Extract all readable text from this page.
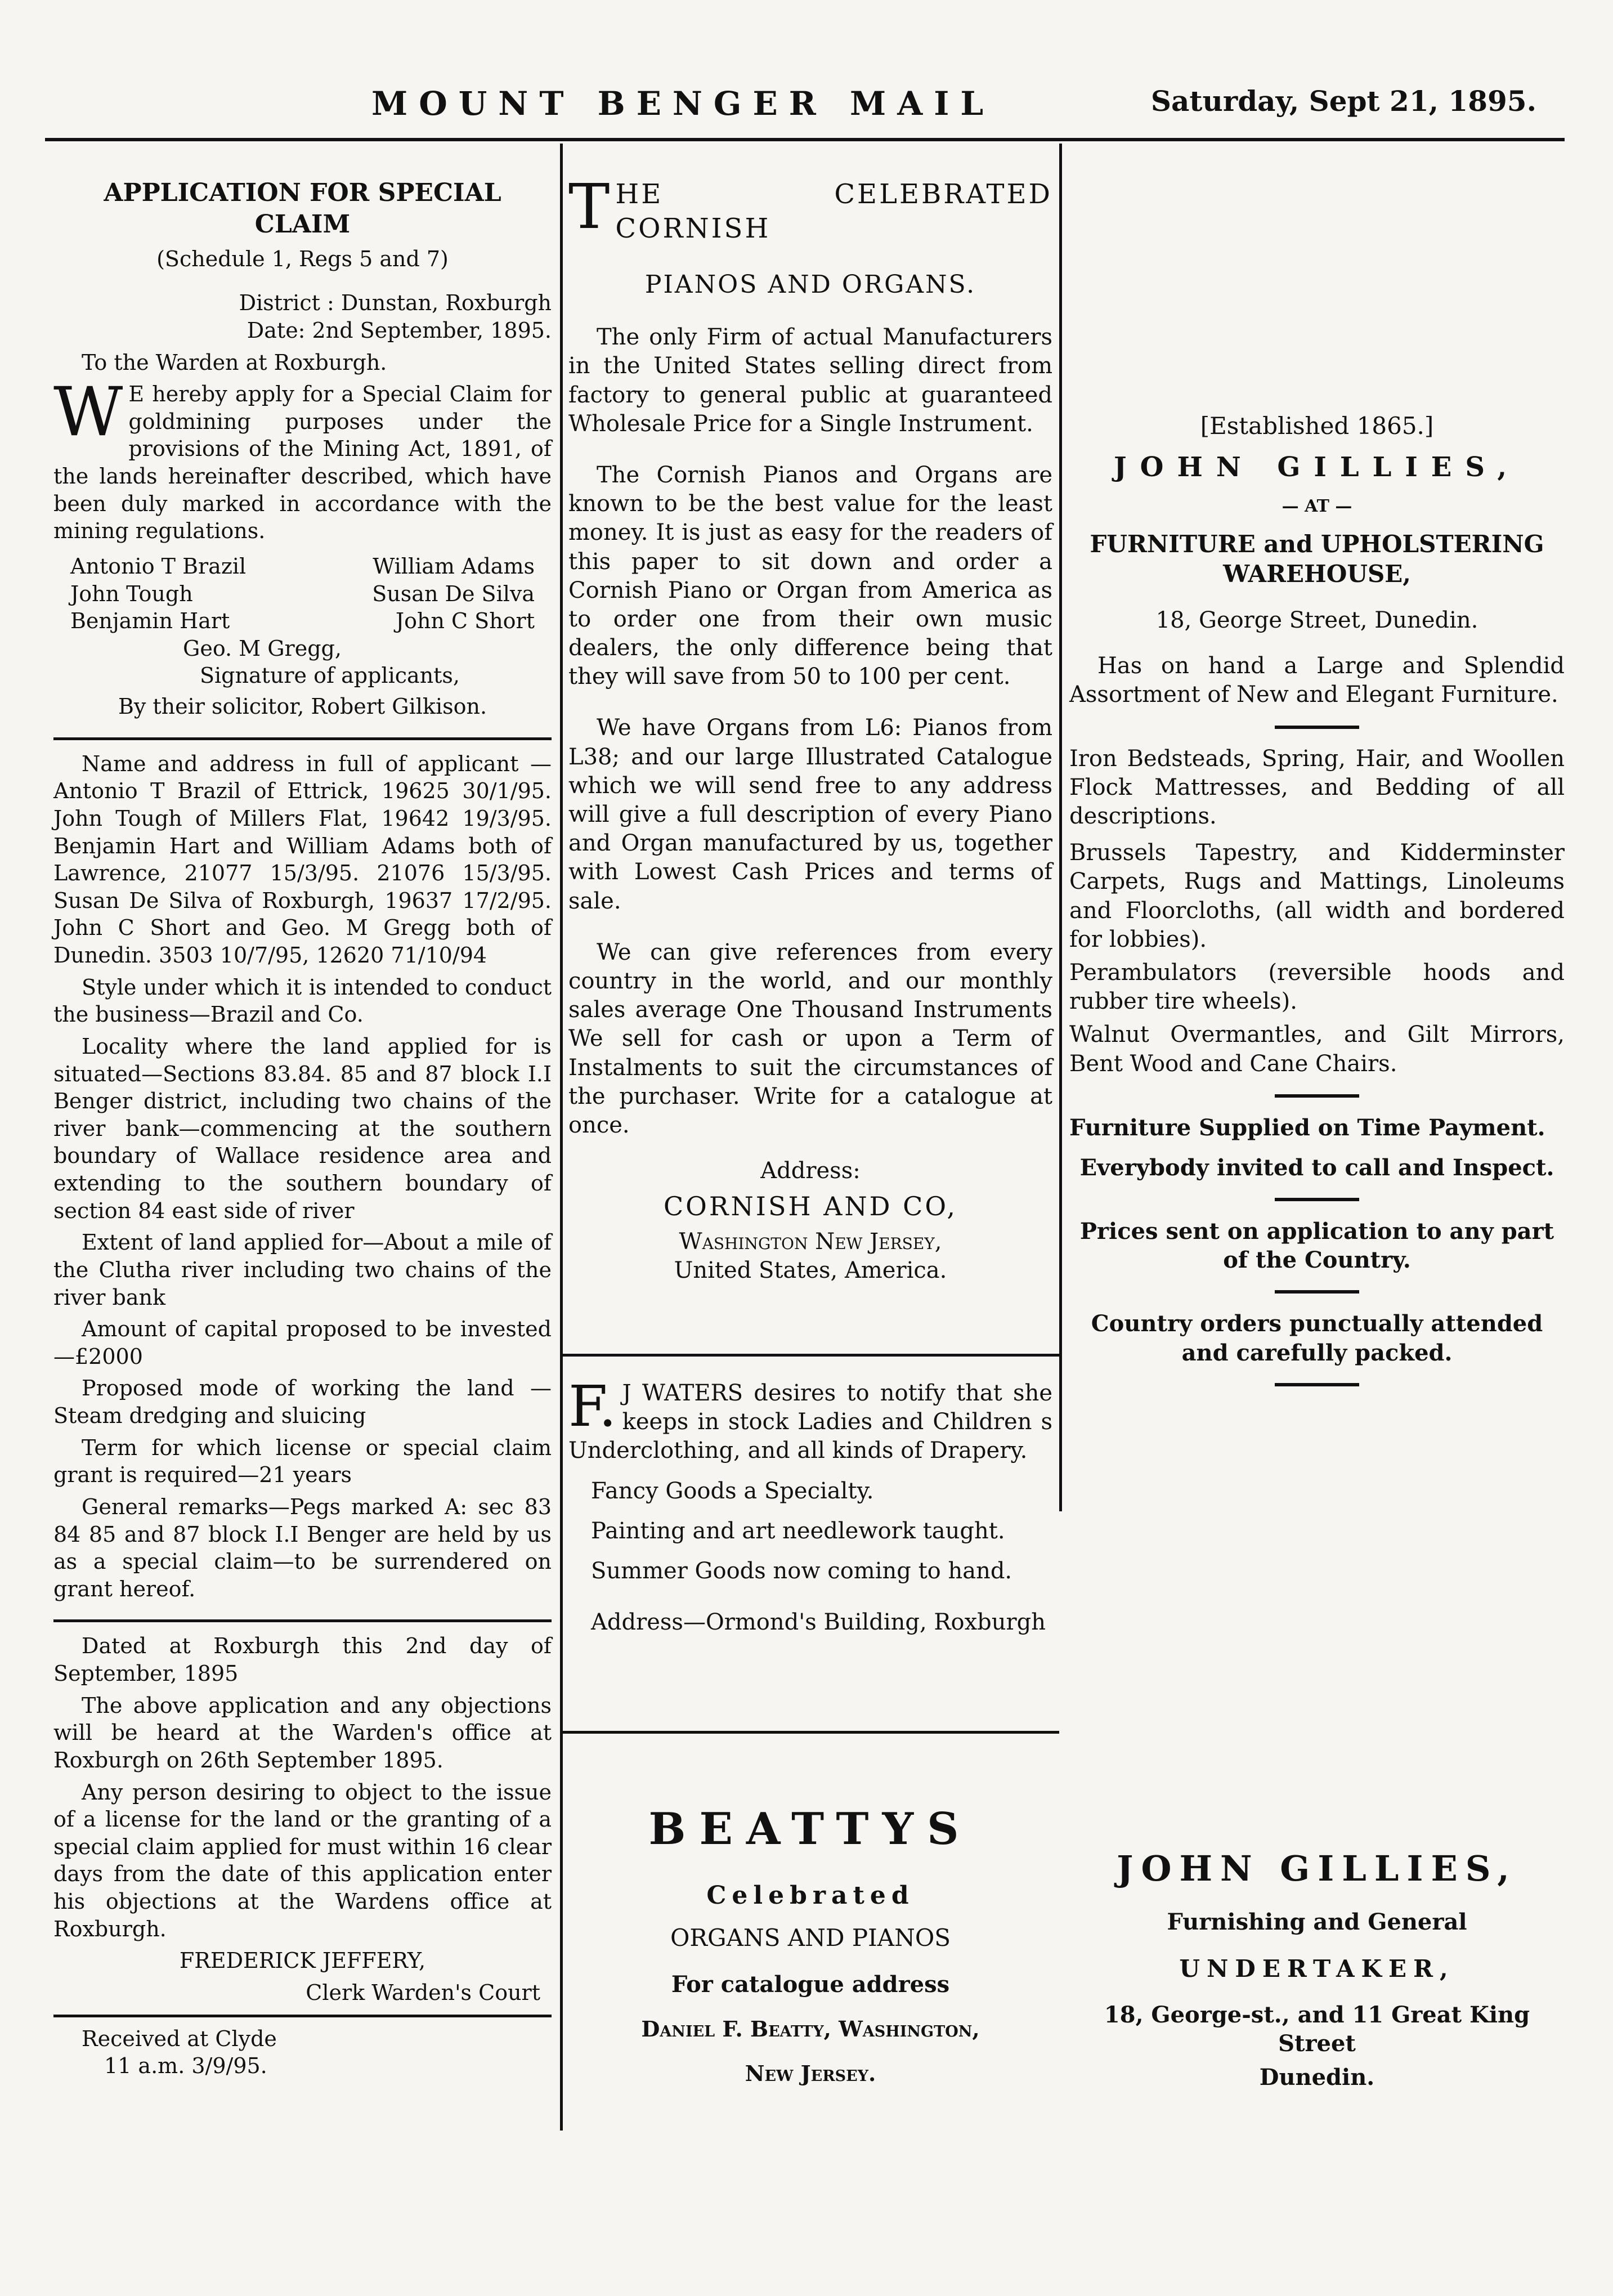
MOUNT BENGER MAIL	Saturday, Sept 21, 1895.

APPLICATION FOR SPECIAL CLAIM

(Schedule 1, Regs 5 and 7)

District : Dunstan, Roxburgh

Date: 2nd September, 1895.

To the Warden at Roxburgh.

W E hereby apply for a Special Claim for goldmining purposes under the provisions of the Mining Act, 1891, of the lands hereinafter described, which have been duly marked in accordance with the mining regulations.

Antonio T Brazil	William Adams
John Tough	Susan De Silva
Benjamin Hart	John C Short
Geo. M Gregg,
Signature of applicants,

By their solicitor, Robert Gilkison.

Name and address in full of applicant —Antonio T Brazil of Ettrick, 19625 30/1/95. John Tough of Millers Flat, 19642 19/3/95. Benjamin Hart and William Adams both of Lawrence, 21077 15/3/95. 21076 15/3/95. Susan De Silva of Roxburgh, 19637 17/2/95. John C Short and Geo. M Gregg both of Dunedin. 3503 10/7/95, 12620 71/10/94

Style under which it is intended to conduct the business—Brazil and Co.

Locality where the land applied for is situated—Sections 83.84. 85 and 87 block I.I Benger district, including two chains of the river bank—commencing at the southern boundary of Wallace residence area and extending to the southern boundary of section 84 east side of river

Extent of land applied for—About a mile of the Clutha river including two chains of the river bank

Amount of capital proposed to be invested—£2000

Proposed mode of working the land —Steam dredging and sluicing

Term for which license or special claim grant is required—21 years

General remarks—Pegs marked A: sec 83 84 85 and 87 block I.I Benger are held by us as a special claim—to be surrendered on grant hereof.

Dated at Roxburgh this 2nd day of September, 1895

The above application and any objections will be heard at the Warden's office at Roxburgh on 26th September 1895.

Any person desiring to object to the issue of a license for the land or the granting of a special claim applied for must within 16 clear days from the date of this application enter his objections at the Wardens office at Roxburgh.

FREDERICK JEFFERY,

Clerk Warden's Court

Received at Clyde

11 a.m. 3/9/95.

THE CELEBRATED CORNISH

PIANOS AND ORGANS.

The only Firm of actual Manufacturers in the United States selling direct from factory to general public at guaranteed Wholesale Price for a Single Instrument.

The Cornish Pianos and Organs are known to be the best value for the least money. It is just as easy for the readers of this paper to sit down and order a Cornish Piano or Organ from America as to order one from their own music dealers, the only difference being that they will save from 50 to 100 per cent.

We have Organs from L6: Pianos from L38; and our large Illustrated Catalogue which we will send free to any address will give a full description of every Piano and Organ manufactured by us, together with Lowest Cash Prices and terms of sale.

We can give references from every country in the world, and our monthly sales average One Thousand Instruments We sell for cash or upon a Term of Instalments to suit the circumstances of the purchaser. Write for a catalogue at once.

Address:

CORNISH AND CO,

Washington New Jersey,

United States, America.

F. J WATERS desires to notify that she keeps in stock Ladies and Children s Underclothing, and all kinds of Drapery.

Fancy Goods a Specialty.

Painting and art needlework taught.

Summer Goods now coming to hand.

Address—Ormond's Building, Roxburgh

BEATTYS

Celebrated

ORGANS AND PIANOS

For catalogue address

Daniel F. Beatty, Washington,

New Jersey.

[Established 1865.]

JOHN GILLIES,

— AT —

FURNITURE and UPHOLSTERING WAREHOUSE,

18, George Street, Dunedin.

Has on hand a Large and Splendid Assortment of New and Elegant Furniture.

Iron Bedsteads, Spring, Hair, and Woollen Flock Mattresses, and Bedding of all descriptions.

Brussels Tapestry, and Kidderminster Carpets, Rugs and Mattings, Linoleums and Floorcloths, (all width and bordered for lobbies).

Perambulators (reversible hoods and rubber tire wheels).

Walnut Overmantles, and Gilt Mirrors, Bent Wood and Cane Chairs.

Furniture Supplied on Time Payment.

Everybody invited to call and Inspect.

Prices sent on application to any part of the Country.

Country orders punctually attended and carefully packed.

JOHN GILLIES,

Furnishing and General

UNDERTAKER,

18, George-st., and 11 Great King Street

Dunedin.
